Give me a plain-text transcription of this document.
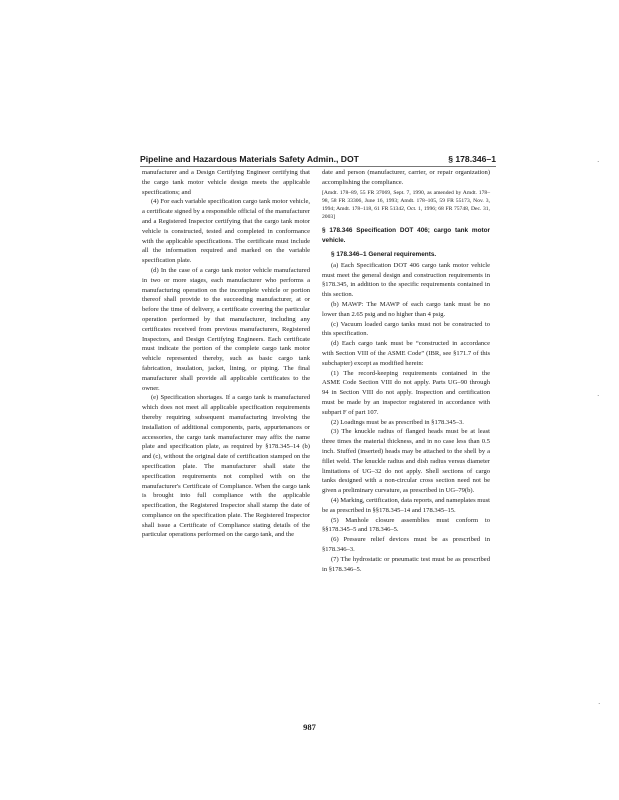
Pipeline and Hazardous Materials Safety Admin., DOT	§ 178.346–1

manufacturer and a Design Certifying Engineer certifying that the cargo tank motor vehicle design meets the applicable specifications; and

(4) For each variable specification cargo tank motor vehicle, a certificate signed by a responsible official of the manufacturer and a Registered Inspector certifying that the cargo tank motor vehicle is constructed, tested and completed in conformance with the applicable specifications. The certificate must include all the information required and marked on the variable specification plate.

(d) In the case of a cargo tank motor vehicle manufactured in two or more stages, each manufacturer who performs a manufacturing operation on the incomplete vehicle or portion thereof shall provide to the succeeding manufacturer, at or before the time of delivery, a certificate covering the particular operation performed by that manufacturer, including any certificates received from previous manufacturers, Registered Inspectors, and Design Certifying Engineers. Each certificate must indicate the portion of the complete cargo tank motor vehicle represented thereby, such as basic cargo tank fabrication, insulation, jacket, lining, or piping. The final manufacturer shall provide all applicable certificates to the owner.

(e) Specification shortages. If a cargo tank is manufactured which does not meet all applicable specification requirements thereby requiring subsequent manufacturing involving the installation of additional components, parts, appurtenances or accessories, the cargo tank manufacturer may affix the name plate and specification plate, as required by §178.345–14 (b) and (c), without the original date of certification stamped on the specification plate. The manufacturer shall state the specification requirements not complied with on the manufacturer's Certificate of Compliance. When the cargo tank is brought into full compliance with the applicable specification, the Registered Inspector shall stamp the date of compliance on the specification plate. The Registered Inspector shall issue a Certificate of Compliance stating details of the particular operations performed on the cargo tank, and the

date and person (manufacturer, carrier, or repair organization) accomplishing the compliance.

[Amdt. 178–89, 55 FR 37069, Sept. 7, 1990, as amended by Amdt. 178–98, 58 FR 33306, June 16, 1993; Amdt. 178–105, 59 FR 55173, Nov. 3, 1994; Amdt. 178–118, 61 FR 51342, Oct. 1, 1996; 68 FR 75748, Dec. 31, 2003]

§ 178.346 Specification DOT 406; cargo tank motor vehicle.

§ 178.346–1 General requirements.

(a) Each Specification DOT 406 cargo tank motor vehicle must meet the general design and construction requirements in §178.345, in addition to the specific requirements contained in this section.

(b) MAWP: The MAWP of each cargo tank must be no lower than 2.65 psig and no higher than 4 psig.

(c) Vacuum loaded cargo tanks must not be constructed to this specification.

(d) Each cargo tank must be “constructed in accordance with Section VIII of the ASME Code” (IBR, see §171.7 of this subchapter) except as modified herein:

(1) The record-keeping requirements contained in the ASME Code Section VIII do not apply. Parts UG–90 through 94 in Section VIII do not apply. Inspection and certification must be made by an inspector registered in accordance with subpart F of part 107.

(2) Loadings must be as prescribed in §178.345–3.

(3) The knuckle radius of flanged heads must be at least three times the material thickness, and in no case less than 0.5 inch. Stuffed (inserted) heads may be attached to the shell by a fillet weld. The knuckle radius and dish radius versus diameter limitations of UG–32 do not apply. Shell sections of cargo tanks designed with a non-circular cross section need not be given a preliminary curvature, as prescribed in UG–79(b).

(4) Marking, certification, data reports, and nameplates must be as prescribed in §§178.345–14 and 178.345–15.

(5) Manhole closure assemblies must conform to §§178.345–5 and 178.346–5.

(6) Pressure relief devices must be as prescribed in §178.346–3.

(7) The hydrostatic or pneumatic test must be as prescribed in §178.346–5.

987
·
·
·
